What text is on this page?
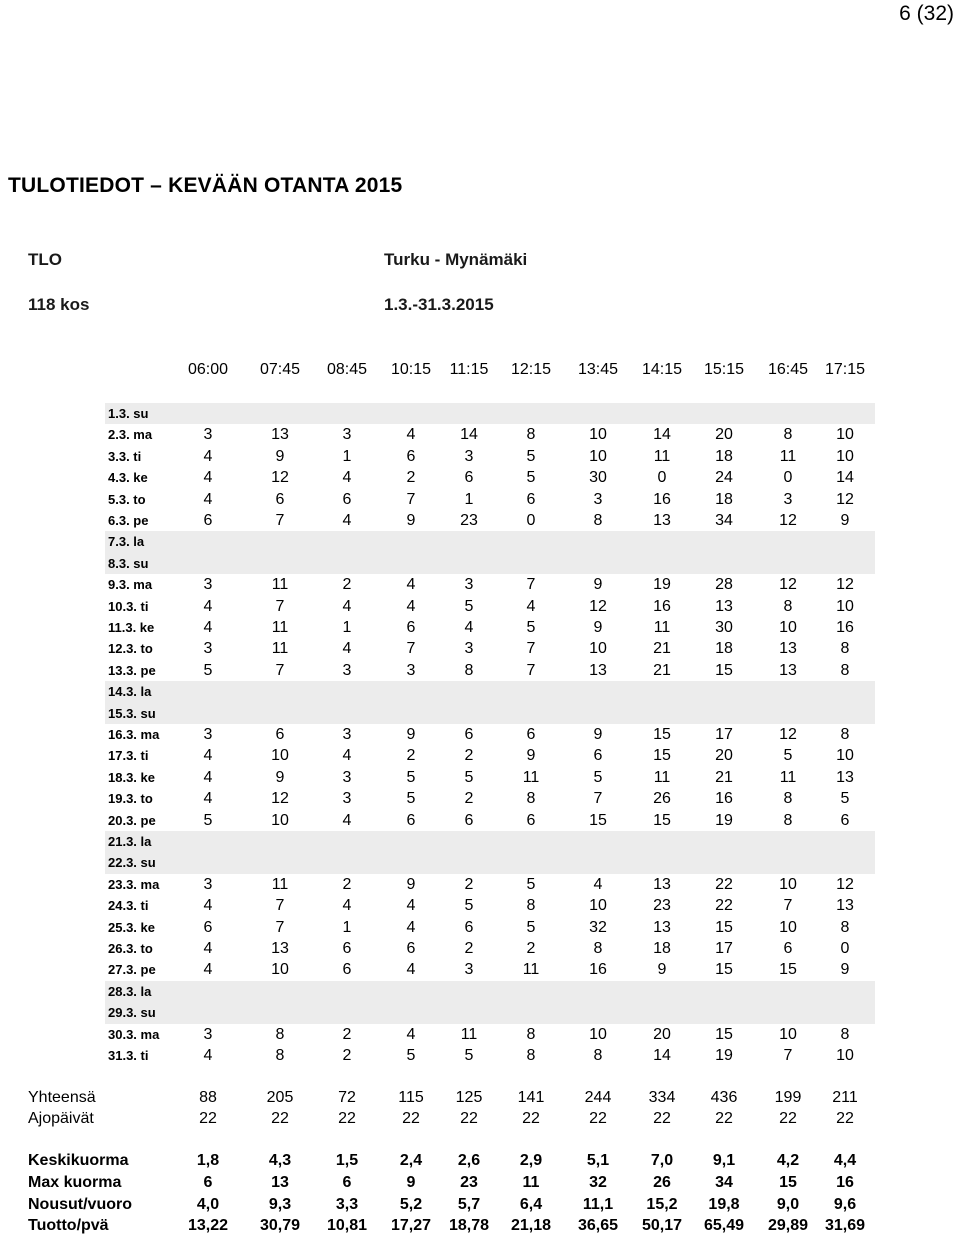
6 (32)
TULOTIEDOT – KEVÄÄN OTANTA 2015
TLO	Turku - Mynämäki
118 kos	1.3.-31.3.2015
06:00	07:45	08:45	10:15	11:15	12:15	13:45	14:15	15:15	16:45	17:15
1.3. su
2.3. ma	3	13	3	4	14	8	10	14	20	8	10
3.3. ti	4	9	1	6	3	5	10	11	18	11	10
4.3. ke	4	12	4	2	6	5	30	0	24	0	14
5.3. to	4	6	6	7	1	6	3	16	18	3	12
6.3. pe	6	7	4	9	23	0	8	13	34	12	9
7.3. la
8.3. su
9.3. ma	3	11	2	4	3	7	9	19	28	12	12
10.3. ti	4	7	4	4	5	4	12	16	13	8	10
11.3. ke	4	11	1	6	4	5	9	11	30	10	16
12.3. to	3	11	4	7	3	7	10	21	18	13	8
13.3. pe	5	7	3	3	8	7	13	21	15	13	8
14.3. la
15.3. su
16.3. ma	3	6	3	9	6	6	9	15	17	12	8
17.3. ti	4	10	4	2	2	9	6	15	20	5	10
18.3. ke	4	9	3	5	5	11	5	11	21	11	13
19.3. to	4	12	3	5	2	8	7	26	16	8	5
20.3. pe	5	10	4	6	6	6	15	15	19	8	6
21.3. la
22.3. su
23.3. ma	3	11	2	9	2	5	4	13	22	10	12
24.3. ti	4	7	4	4	5	8	10	23	22	7	13
25.3. ke	6	7	1	4	6	5	32	13	15	10	8
26.3. to	4	13	6	6	2	2	8	18	17	6	0
27.3. pe	4	10	6	4	3	11	16	9	15	15	9
28.3. la
29.3. su
30.3. ma	3	8	2	4	11	8	10	20	15	10	8
31.3. ti	4	8	2	5	5	8	8	14	19	7	10
Yhteensä	88	205	72	115	125	141	244	334	436	199	211
Ajopäivät	22	22	22	22	22	22	22	22	22	22	22
Keskikuorma	1,8	4,3	1,5	2,4	2,6	2,9	5,1	7,0	9,1	4,2	4,4
Max kuorma	6	13	6	9	23	11	32	26	34	15	16
Nousut/vuoro	4,0	9,3	3,3	5,2	5,7	6,4	11,1	15,2	19,8	9,0	9,6
Tuotto/pvä	13,22	30,79	10,81	17,27	18,78	21,18	36,65	50,17	65,49	29,89	31,69
